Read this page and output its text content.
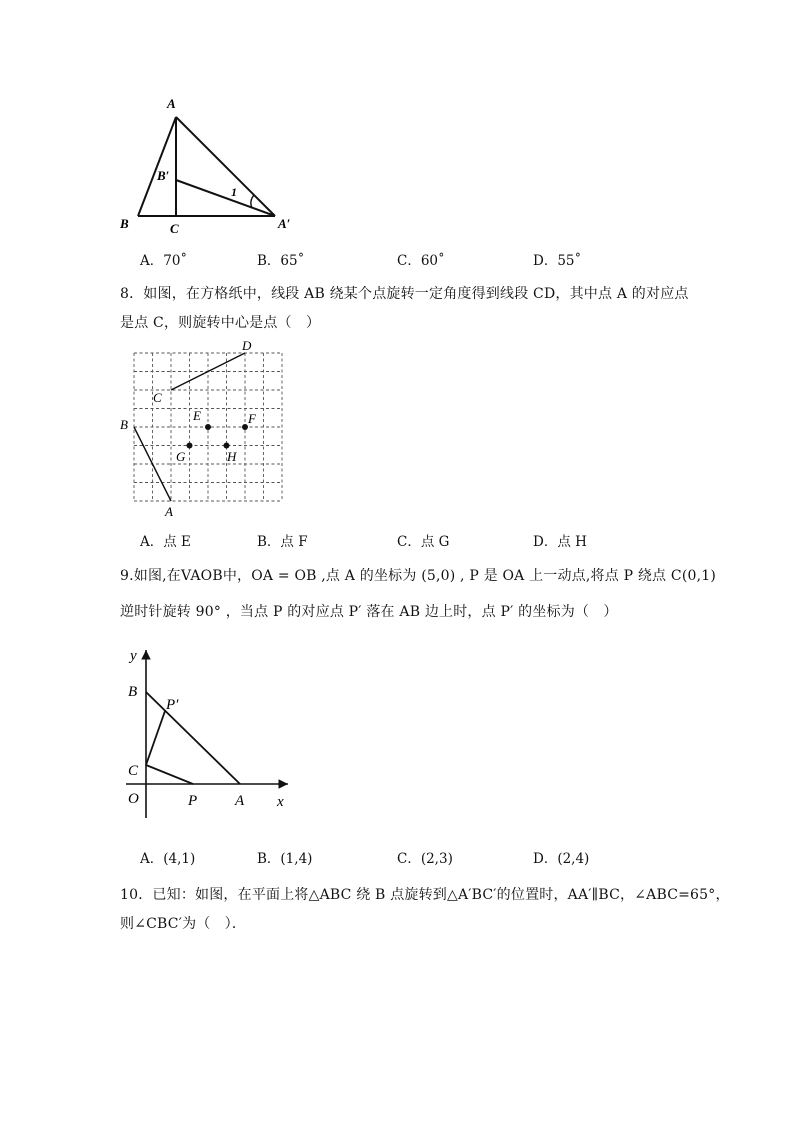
A
B′
1
B	C	A′
A．70˚	B．65˚	C．60˚	D．55˚
8．如图，在方格纸中，线段 AB 绕某个点旋转一定角度得到线段 CD，其中点 A 的对应点
是点 C，则旋转中心是点（　）
D
C
E	F
B
G	H
A
A．点 E	B．点 F	C．点 G	D．点 H
9.如图,在VAOB中，OA = OB ,点 A 的坐标为 (5,0) , P 是 OA 上一动点,将点 P 绕点 C(0,1)
逆时针旋转 90° ，当点 P 的对应点 P′ 落在 AB 边上时，点 P′ 的坐标为（　）
y
B
P′
C
O	P	A x
A．(4,1)	B．(1,4)	C．(2,3)	D．(2,4)
10．已知：如图，在平面上将△ABC 绕 B 点旋转到△A′BC′的位置时，AA′∥BC，∠ABC=65°，
则∠CBC′为（　）．
